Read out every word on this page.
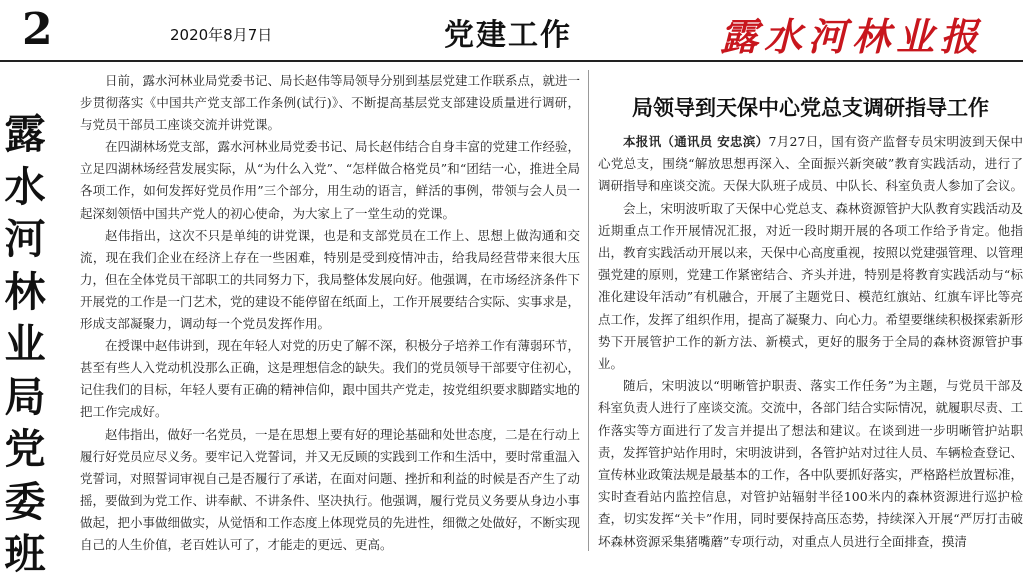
2	2020年8月7日	党建工作	露水河林业报
露水河林业局党委班

日前，露水河林业局党委书记、局长赵伟等局领导分别到基层党建工作联系点，就进一步贯彻落实《中国共产党支部工作条例(试行)》、不断提高基层党支部建设质量进行调研，与党员干部员工座谈交流并讲党课。

在四湖林场党支部，露水河林业局党委书记、局长赵伟结合自身丰富的党建工作经验，立足四湖林场经营发展实际，从“为什么入党”、“怎样做合格党员”和“团结一心，推进全局各项工作，如何发挥好党员作用”三个部分，用生动的语言，鲜活的事例，带领与会人员一起深刻领悟中国共产党人的初心使命，为大家上了一堂生动的党课。

赵伟指出，这次不只是单纯的讲党课，也是和支部党员在工作上、思想上做沟通和交流，现在我们企业在经济上存在一些困难，特别是受到疫情冲击，给我局经营带来很大压力，但在全体党员干部职工的共同努力下，我局整体发展向好。他强调，在市场经济条件下开展党的工作是一门艺术，党的建设不能停留在纸面上，工作开展要结合实际、实事求是，形成支部凝聚力，调动每一个党员发挥作用。

在授课中赵伟讲到，现在年轻人对党的历史了解不深，积极分子培养工作有薄弱环节，甚至有些人入党动机没那么正确，这是理想信念的缺失。我们的党员领导干部要守住初心，记住我们的目标，年轻人要有正确的精神信仰，跟中国共产党走，按党组织要求脚踏实地的把工作完成好。

赵伟指出，做好一名党员，一是在思想上要有好的理论基础和处世态度，二是在行动上履行好党员应尽义务。要牢记入党誓词，并又无反顾的实践到工作和生活中，要时常重温入党誓词，对照誓词审视自己是否履行了承诺，在面对问题、挫折和利益的时候是否产生了动摇，要做到为党工作、讲奉献、不讲条件、坚决执行。他强调，履行党员义务要从身边小事做起，把小事做细做实，从觉悟和工作态度上体现党员的先进性，细微之处做好，不断实现自己的人生价值，老百姓认可了，才能走的更远、更高。

局领导到天保中心党总支调研指导工作

本报讯（通讯员 安忠滨）7月27日，国有资产监督专员宋明波到天保中心党总支，围绕“解放思想再深入、全面振兴新突破”教育实践活动，进行了调研指导和座谈交流。天保大队班子成员、中队长、科室负责人参加了会议。

会上，宋明波听取了天保中心党总支、森林资源管护大队教育实践活动及近期重点工作开展情况汇报，对近一段时期开展的各项工作给予肯定。他指出，教育实践活动开展以来，天保中心高度重视，按照以党建强管理、以管理强党建的原则，党建工作紧密结合、齐头并进，特别是将教育实践活动与“标准化建设年活动”有机融合，开展了主题党日、模范红旗站、红旗车评比等亮点工作，发挥了组织作用，提高了凝聚力、向心力。希望要继续积极探索新形势下开展管护工作的新方法、新模式，更好的服务于全局的森林资源管护事业。

随后，宋明波以“明晰管护职责、落实工作任务”为主题，与党员干部及科室负责人进行了座谈交流。交流中，各部门结合实际情况，就履职尽责、工作落实等方面进行了发言并提出了想法和建议。在谈到进一步明晰管护站职责，发挥管护站作用时，宋明波讲到，各管护站对过往人员、车辆检查登记、宣传林业政策法规是最基本的工作，各中队要抓好落实，严格路栏放置标准，实时查看站内监控信息，对管护站辐射半径100米内的森林资源进行巡护检查，切实发挥“关卡”作用，同时要保持高压态势，持续深入开展“严厉打击破坏森林资源采集猪嘴蘑”专项行动，对重点人员进行全面排查，摸清
